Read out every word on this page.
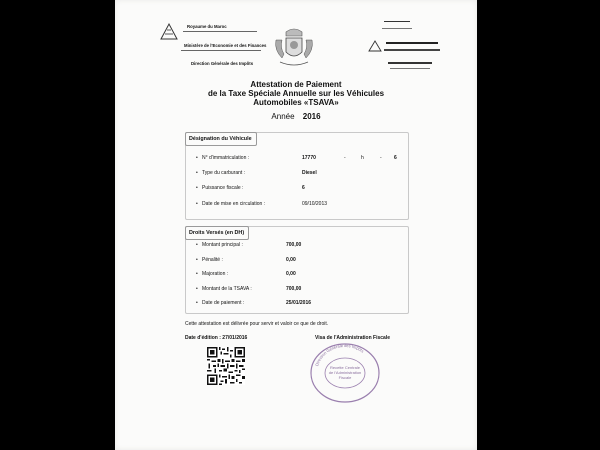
Royaume du Maroc
Ministère de l'Economie et des Finances
Direction Générale des Impôts
Attestation de Paiement
de la Taxe Spéciale Annuelle sur les Véhicules
Automobiles «TSAVA»
Année 2016
Désignation du Véhicule
• N° d'immatriculation :	17770	-	h	- 6
• Type du carburant :	Diesel
• Puissance fiscale :	6
• Date de mise en circulation :	09/10/2013
Droits Versés (en DH)
• Montant principal :	700,00
• Pénalité :	0,00
• Majoration :	0,00
• Montant de la TSAVA :	700,00
• Date de paiement :	25/01/2016
Cette attestation est délivrée pour servir et valoir ce que de droit.
Date d'édition : 27/01/2016	Visa de l'Administration Fiscale
Direction Générale des Impôts
Recette Centrale
de l'Administration
Fiscale
